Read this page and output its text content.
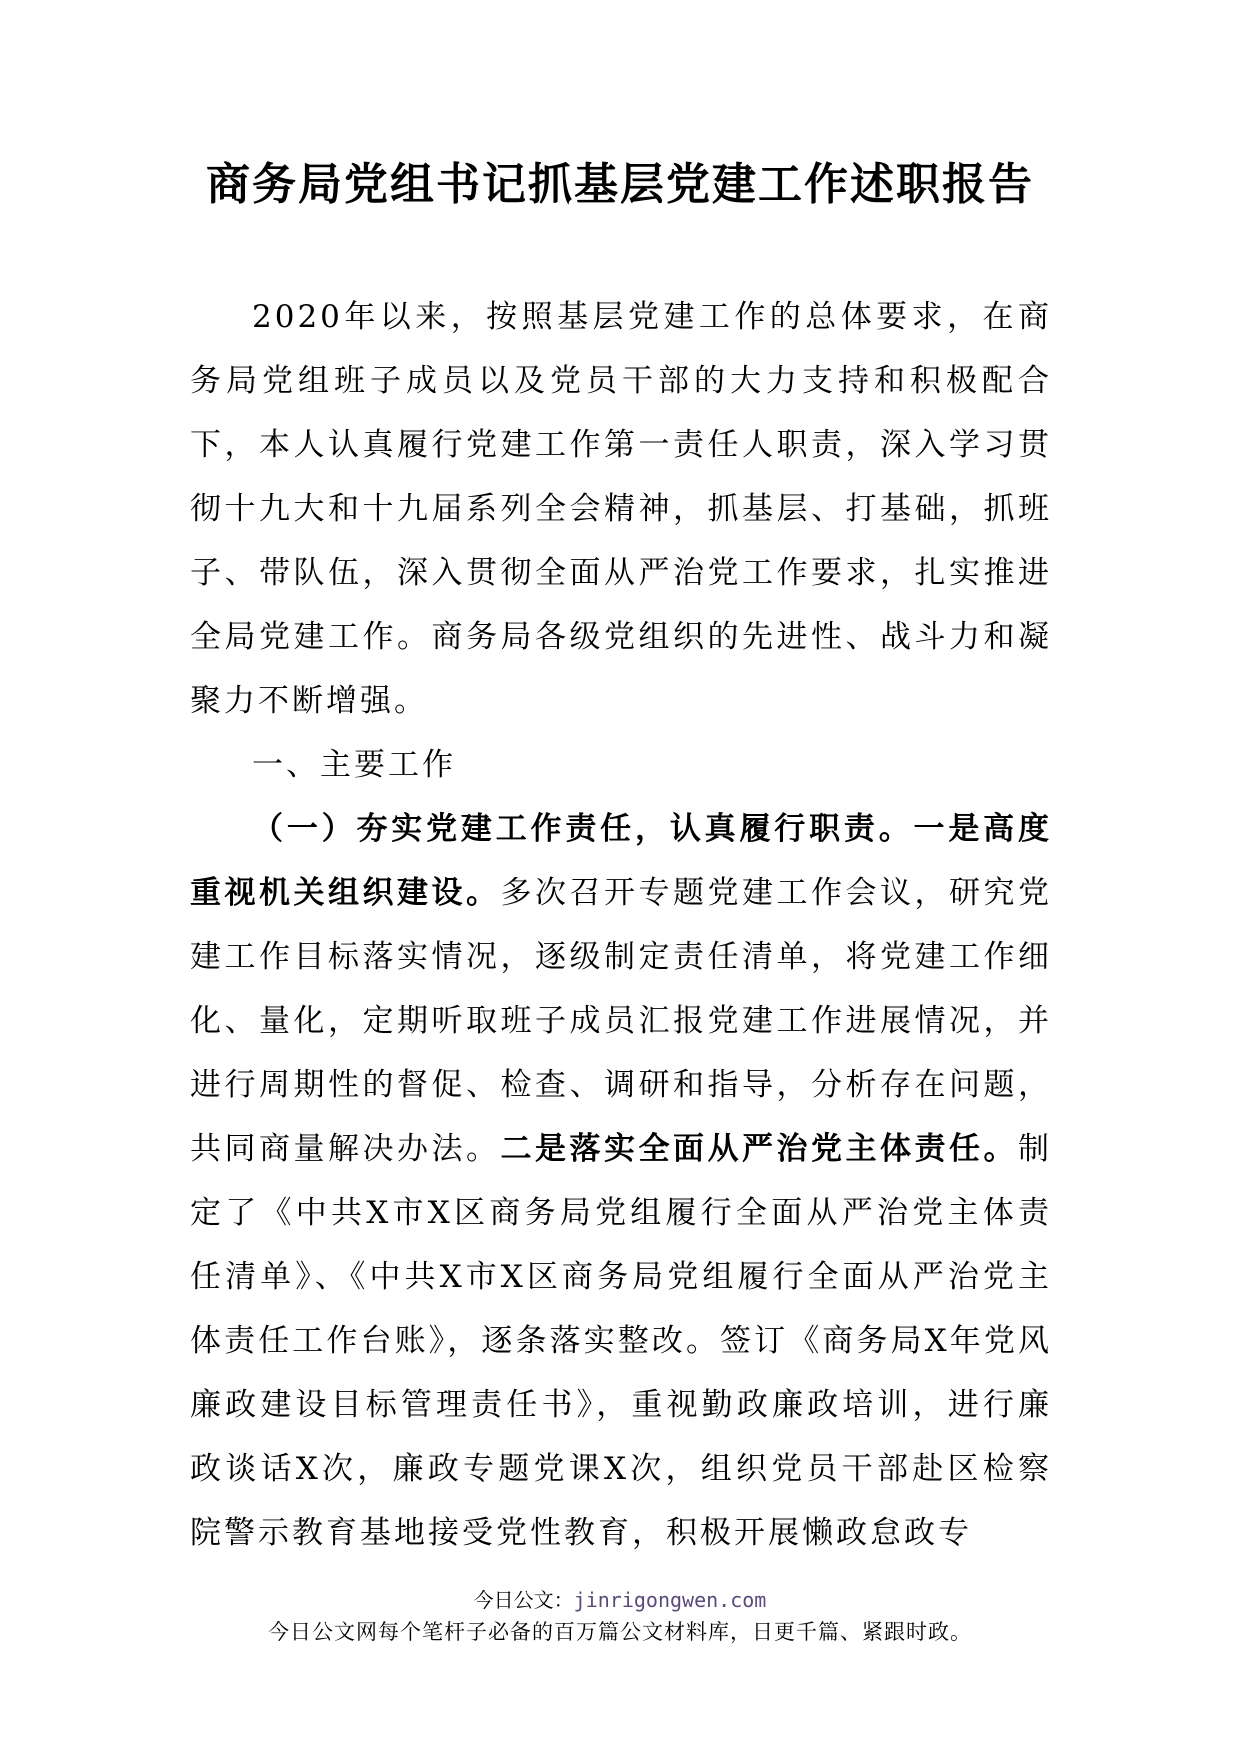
商务局党组书记抓基层党建工作述职报告

2020年以来，按照基层党建工作的总体要求，在商务局党组班子成员以及党员干部的大力支持和积极配合下，本人认真履行党建工作第一责任人职责，深入学习贯彻十九大和十九届系列全会精神，抓基层、打基础，抓班子、带队伍，深入贯彻全面从严治党工作要求，扎实推进全局党建工作。商务局各级党组织的先进性、战斗力和凝聚力不断增强。

一、主要工作

（一）夯实党建工作责任，认真履行职责。一是高度重视机关组织建设。多次召开专题党建工作会议，研究党建工作目标落实情况，逐级制定责任清单，将党建工作细化、量化，定期听取班子成员汇报党建工作进展情况，并进行周期性的督促、检查、调研和指导，分析存在问题，共同商量解决办法。二是落实全面从严治党主体责任。制定了《中共X市X区商务局党组履行全面从严治党主体责任清单》、《中共X市X区商务局党组履行全面从严治党主体责任工作台账》，逐条落实整改。签订《商务局X年党风廉政建设目标管理责任书》，重视勤政廉政培训，进行廉政谈话X次，廉政专题党课X次，组织党员干部赴区检察院警示教育基地接受党性教育，积极开展懒政怠政专

今日公文：jinrigongwen.com
今日公文网每个笔杆子必备的百万篇公文材料库，日更千篇、紧跟时政。
